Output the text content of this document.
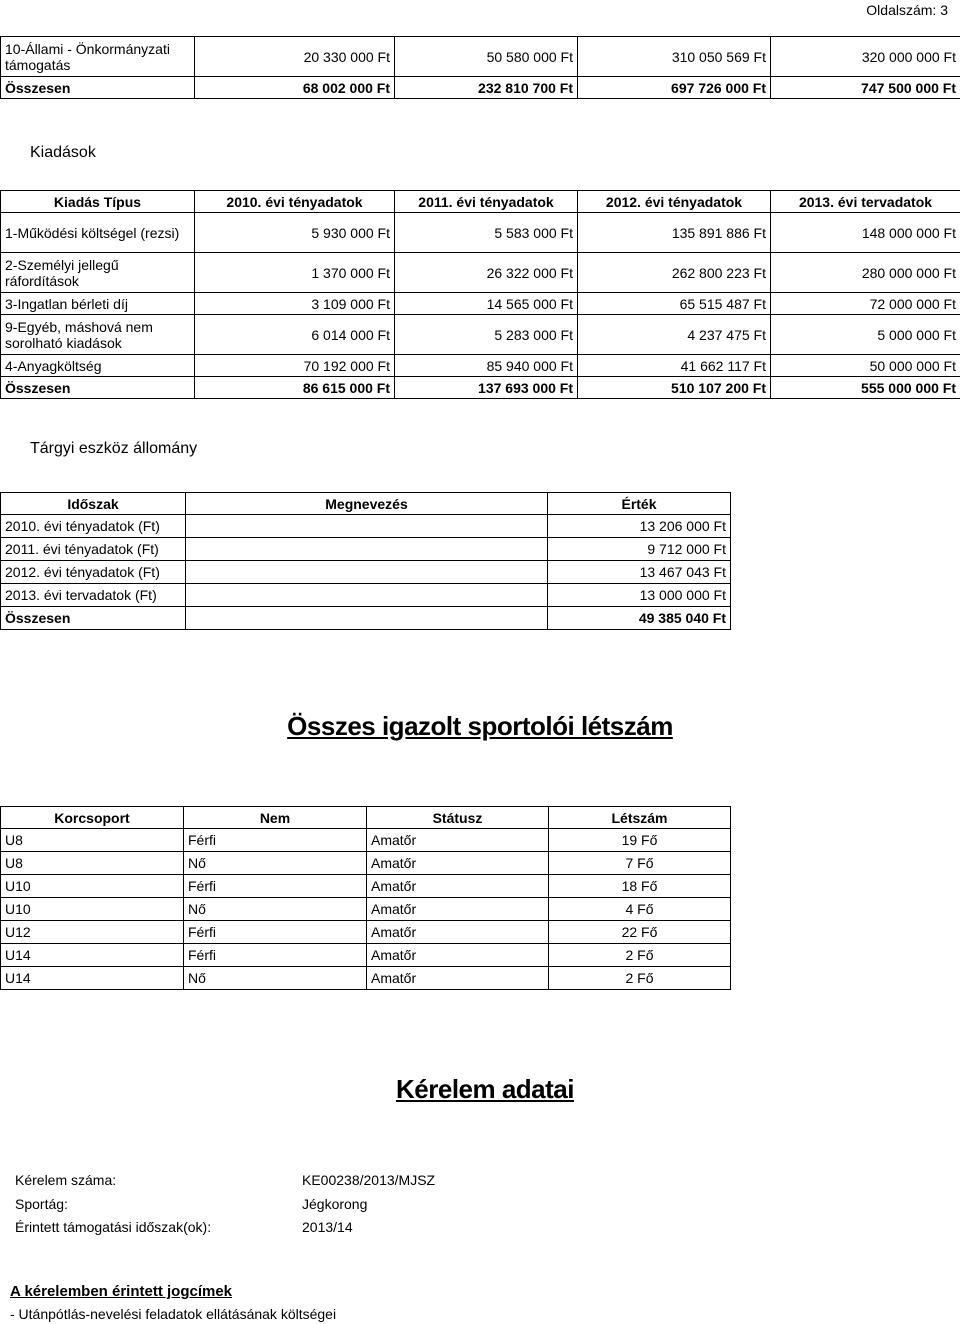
Oldalszám: 3
10-Állami - Önkormányzati támogatás	20 330 000 Ft	50 580 000 Ft	310 050 569 Ft	320 000 000 Ft
Összesen	68 002 000 Ft	232 810 700 Ft	697 726 000 Ft	747 500 000 Ft
Kiadások
Kiadás Típus	2010. évi tényadatok	2011. évi tényadatok	2012. évi tényadatok	2013. évi tervadatok
1-Működési költségel (rezsi)	5 930 000 Ft	5 583 000 Ft	135 891 886 Ft	148 000 000 Ft
2-Személyi jellegű ráfordítások	1 370 000 Ft	26 322 000 Ft	262 800 223 Ft	280 000 000 Ft
3-Ingatlan bérleti díj	3 109 000 Ft	14 565 000 Ft	65 515 487 Ft	72 000 000 Ft
9-Egyéb, máshová nem sorolható kiadások	6 014 000 Ft	5 283 000 Ft	4 237 475 Ft	5 000 000 Ft
4-Anyagköltség	70 192 000 Ft	85 940 000 Ft	41 662 117 Ft	50 000 000 Ft
Összesen	86 615 000 Ft	137 693 000 Ft	510 107 200 Ft	555 000 000 Ft
Tárgyi eszköz állomány
Időszak	Megnevezés	Érték
2010. évi tényadatok (Ft)		13 206 000 Ft
2011. évi tényadatok (Ft)		9 712 000 Ft
2012. évi tényadatok (Ft)		13 467 043 Ft
2013. évi tervadatok (Ft)		13 000 000 Ft
Összesen		49 385 040 Ft
Összes igazolt sportolói létszám
Korcsoport	Nem	Státusz	Létszám
U8	Férfi	Amatőr	19 Fő
U8	Nő	Amatőr	7 Fő
U10	Férfi	Amatőr	18 Fő
U10	Nő	Amatőr	4 Fő
U12	Férfi	Amatőr	22 Fő
U14	Férfi	Amatőr	2 Fő
U14	Nő	Amatőr	2 Fő
Kérelem adatai
Kérelem száma:	KE00238/2013/MJSZ
Sportág:	Jégkorong
Érintett támogatási időszak(ok):	2013/14
A kérelemben érintett jogcímek
- Utánpótlás-nevelési feladatok ellátásának költségei
